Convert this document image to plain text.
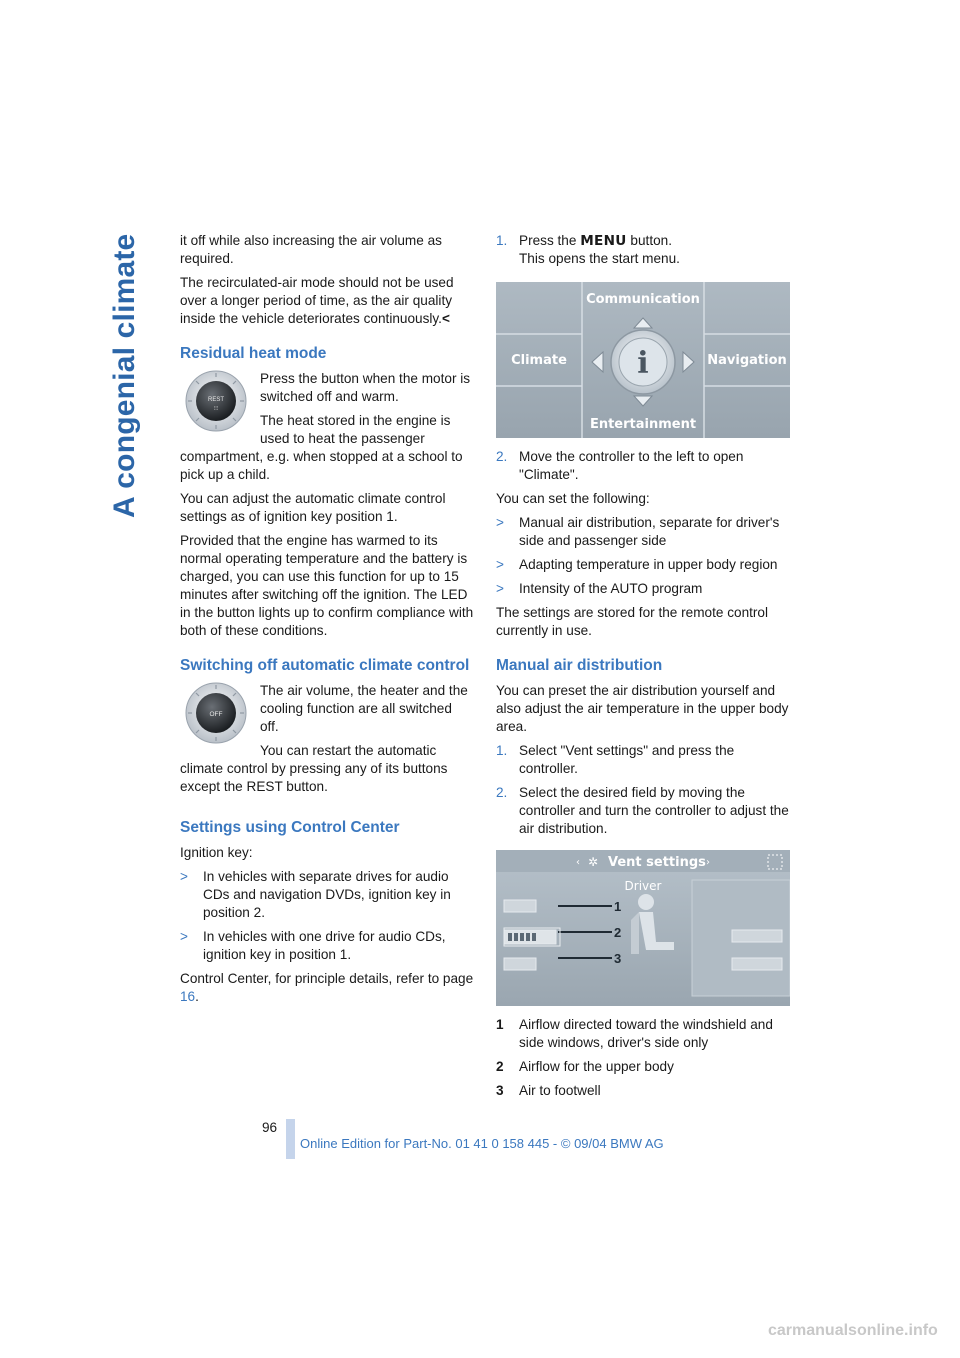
A congenial climate	it off while also increasing the air volume as required.

The recirculated-air mode should not be used over a longer period of time, as the air quality inside the vehicle deteriorates continuously.<

Residual heat mode
REST
⫶⫶⫶

Press the button when the motor is switched off and warm.

The heat stored in the engine is used to heat the passenger compartment, e.g. when stopped at a school to pick up a child.

You can adjust the automatic climate control settings as of ignition key position 1.

Provided that the engine has warmed to its normal operating temperature and the battery is charged, you can use this function for up to 15 minutes after switching off the ignition. The LED in the button lights up to confirm compliance with both of these conditions.

Switching off automatic climate control
OFF

The air volume, the heater and the cooling function are all switched off.

You can restart the automatic climate control by pressing any of its buttons except the REST button.

Settings using Control Center

Ignition key:

> In vehicles with separate drives for audio CDs and navigation DVDs, ignition key in position 2.
> In vehicles with one drive for audio CDs, ignition key in position 1.

Control Center, for principle details, refer to page 16.

1. Press the MENU button.
This opens the start menu.
Communication
Climate	Navigation
Entertainment
i
2. Move the controller to the left to open "Climate".

You can set the following:

> Manual air distribution, separate for driver's side and passenger side
> Adapting temperature in upper body region
> Intensity of the AUTO program

The settings are stored for the remote control currently in use.

Manual air distribution

You can preset the air distribution yourself and also adjust the air temperature in the upper body area.

1. Select "Vent settings" and press the controller.
2. Select the desired field by moving the controller and turn the controller to adjust the air distribution.
‹ ✲ Vent settings ›
Driver
1
2
3
1 Airflow directed toward the windshield and side windows, driver's side only
2 Airflow for the upper body
3 Air to footwell
96
Online Edition for Part-No. 01 41 0 158 445 - © 09/04 BMW AG
carmanualsonline.info
